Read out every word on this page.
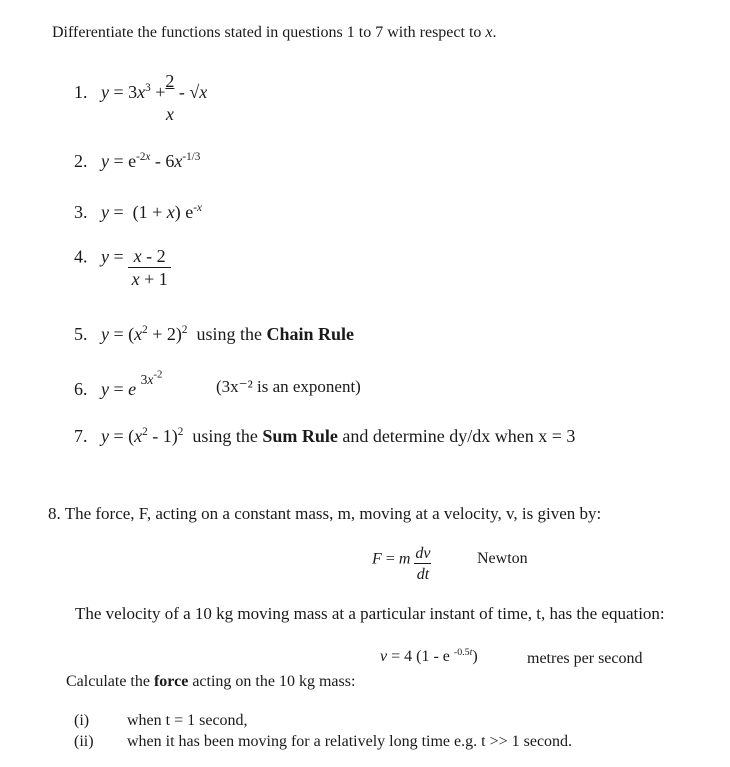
Differentiate the functions stated in questions 1 to 7 with respect to x.
1. $y = 3x^3 + \frac{2}{x} - √x$
2. $y = e^{-2x} - 6x^{-1/3}$
3. y =  (1 + x) $e^{-x}$
4. $y = \frac{x - 2}{x + 1}$
5. $y = (x^2 + 2)^2$ using the Chain Rule
6. y = e $^{3x^{-2}}$
(3x⁻² is an exponent)
7. $y = (x^2 - 1)^2$ using the Sum Rule and determine dy/dx when x = 3
8. The force, F, acting on a constant mass, m, moving at a velocity, v, is given by:
F = m $\frac{dv}{dt}$	Newton
The velocity of a 10 kg moving mass at a particular instant of time, t, has the equation:
v = 4 (1 - e $^{-0.5t}$)	metres per second
Calculate the force acting on the 10 kg mass:
(i) when t = 1 second,
(ii) when it has been moving for a relatively long time e.g. t >> 1 second.
